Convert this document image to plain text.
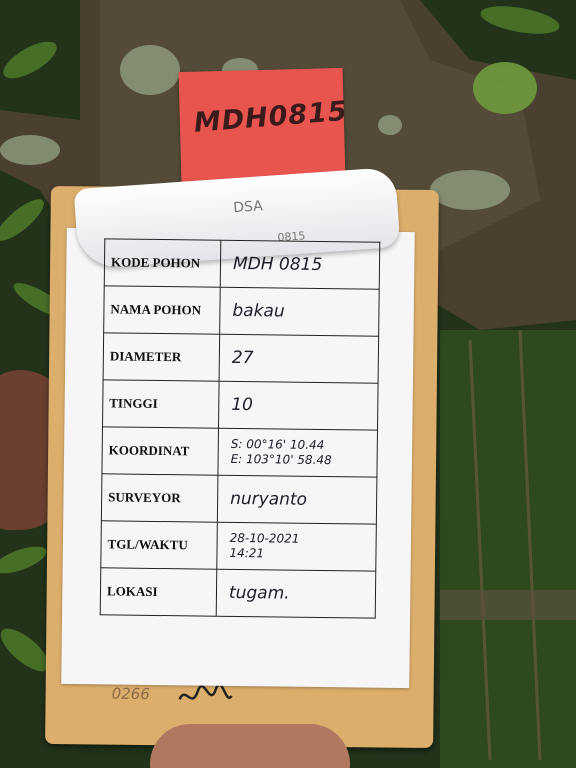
MDH0815
0266
DSA
0815
KODE POHON	MDH 0815
NAMA POHON	bakau
DIAMETER	27
TINGGI	10
KOORDINAT	S: 00°16' 10.44
E: 103°10' 58.48

SURVEYOR	nuryanto
TGL/WAKTU	28-10-2021
14:21

LOKASI	tugam.
